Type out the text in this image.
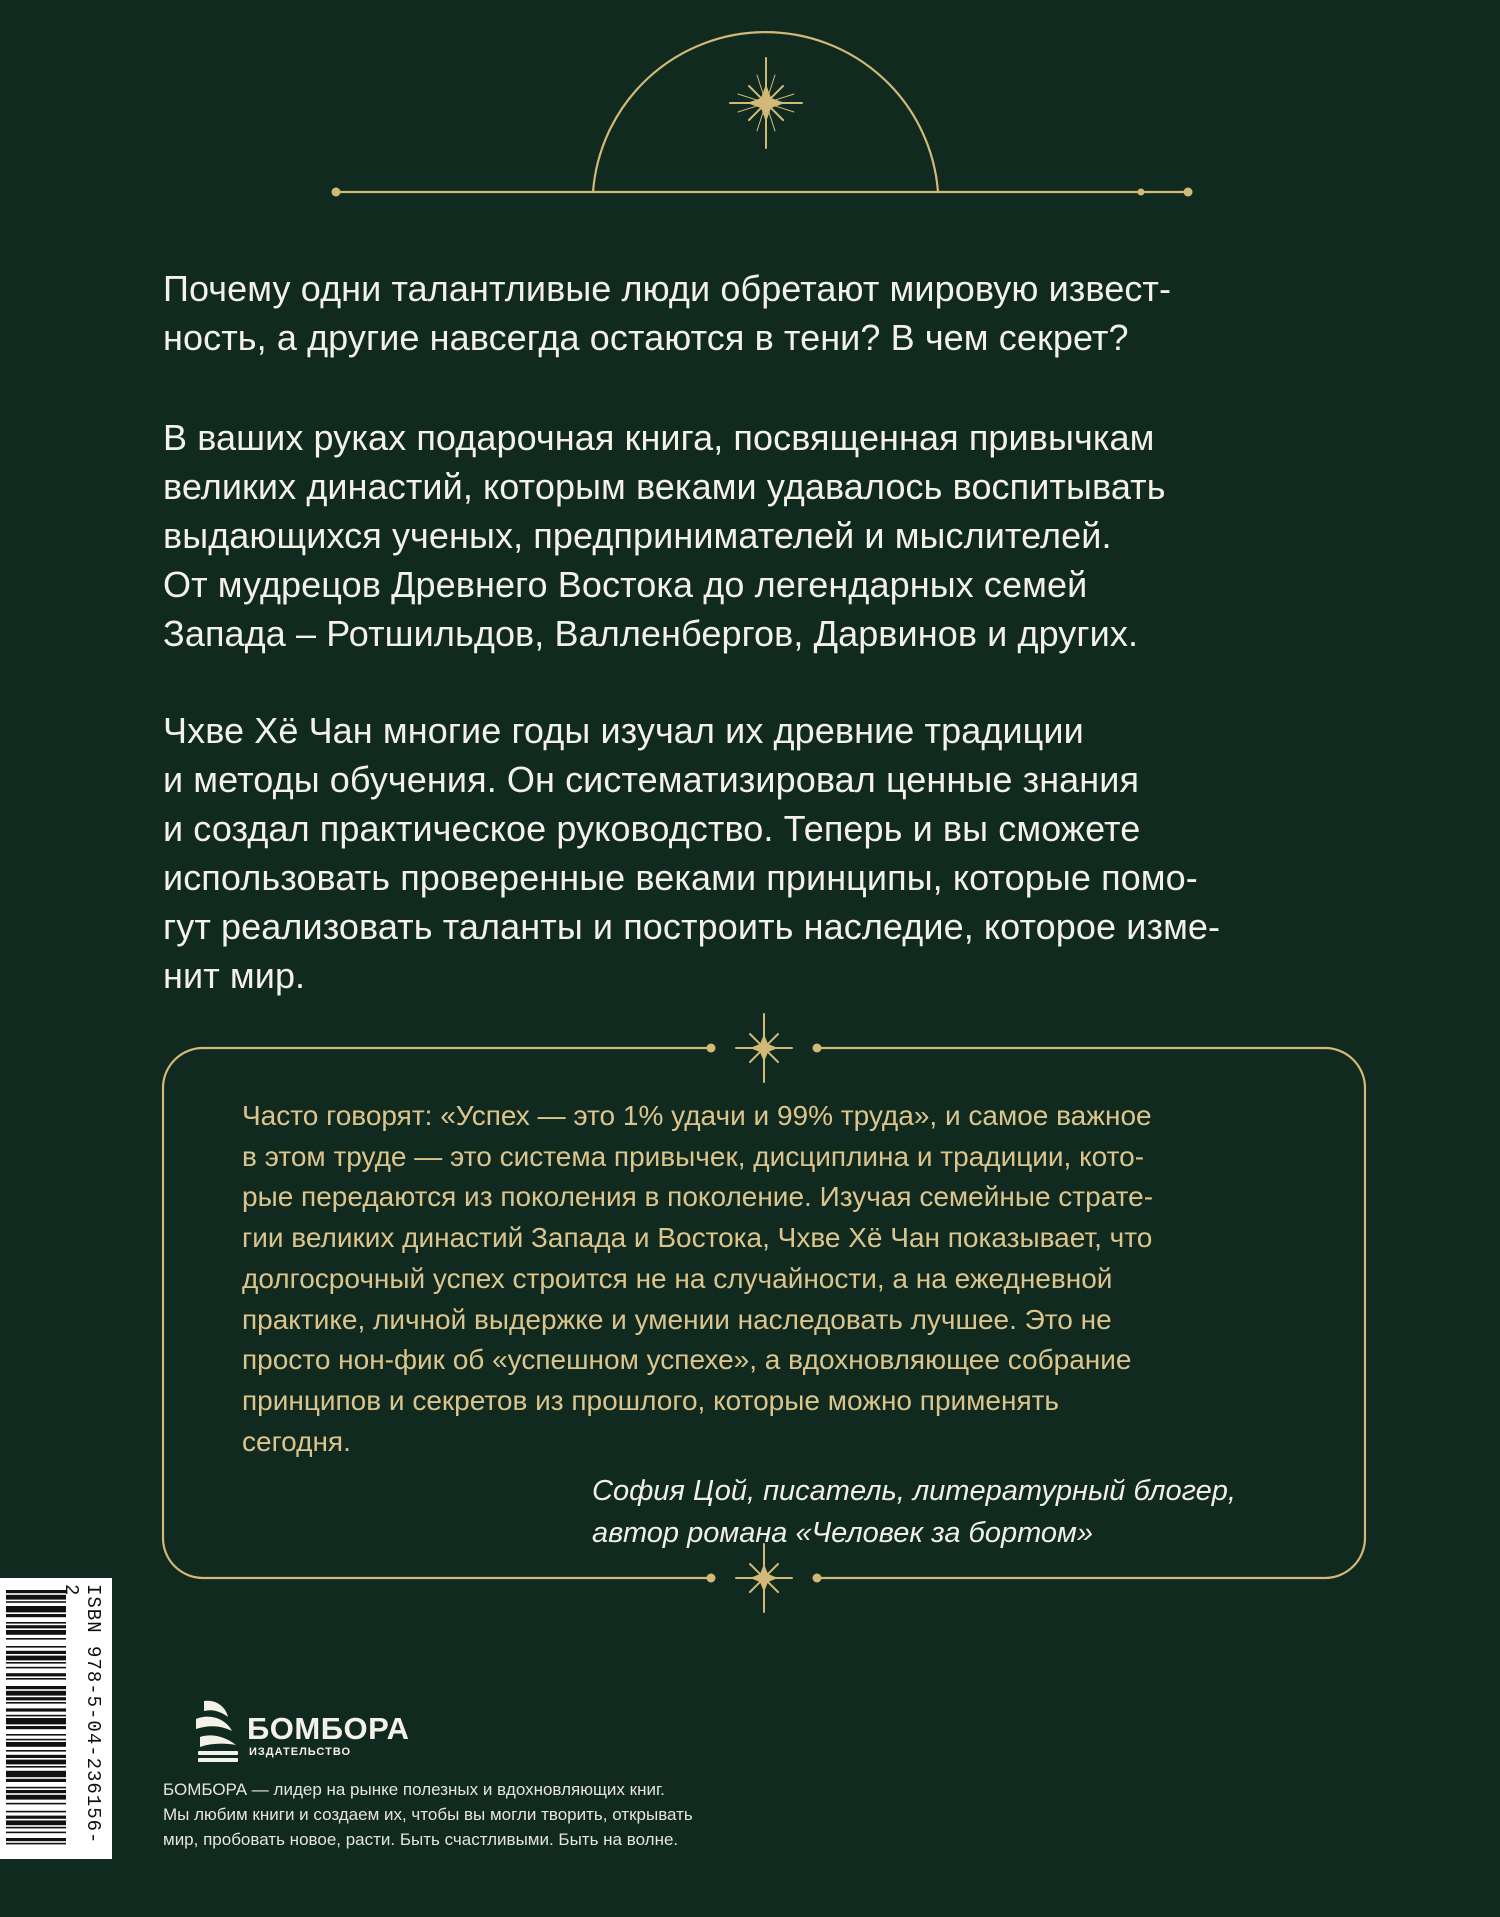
Почему одни талантливые люди обретают мировую извест-
ность, а другие навсегда остаются в тени? В чем секрет?

В ваших руках подарочная книга, посвященная привычкам
великих династий, которым веками удавалось воспитывать
выдающихся ученых, предпринимателей и мыслителей.
От мудрецов Древнего Востока до легендарных семей
Запада – Ротшильдов, Валленбергов, Дарвинов и других.

Чхве Хё Чан многие годы изучал их древние традиции
и методы обучения. Он систематизировал ценные знания
и создал практическое руководство. Теперь и вы сможете
использовать проверенные веками принципы, которые помо-
гут реализовать таланты и построить наследие, которое изме-
нит мир.

Часто говорят: «Успех — это 1% удачи и 99% труда», и самое важное
в этом труде — это система привычек, дисциплина и традиции, кото-
рые передаются из поколения в поколение. Изучая семейные страте-
гии великих династий Запада и Востока, Чхве Хё Чан показывает, что
долгосрочный успех строится не на случайности, а на ежедневной
практике, личной выдержке и умении наследовать лучшее. Это не
просто нон-фик об «успешном успехе», а вдохновляющее собрание
принципов и секретов из прошлого, которые можно применять
сегодня.

София Цой, писатель, литературный блогер,
автор романа «Человек за бортом»
ISBN 978-5-04-236156-2
БОМБОРА
ИЗДАТЕЛЬСТВО
БОМБОРА — лидер на рынке полезных и вдохновляющих книг.
Мы любим книги и создаем их, чтобы вы могли творить, открывать
мир, пробовать новое, расти. Быть счастливыми. Быть на волне.
